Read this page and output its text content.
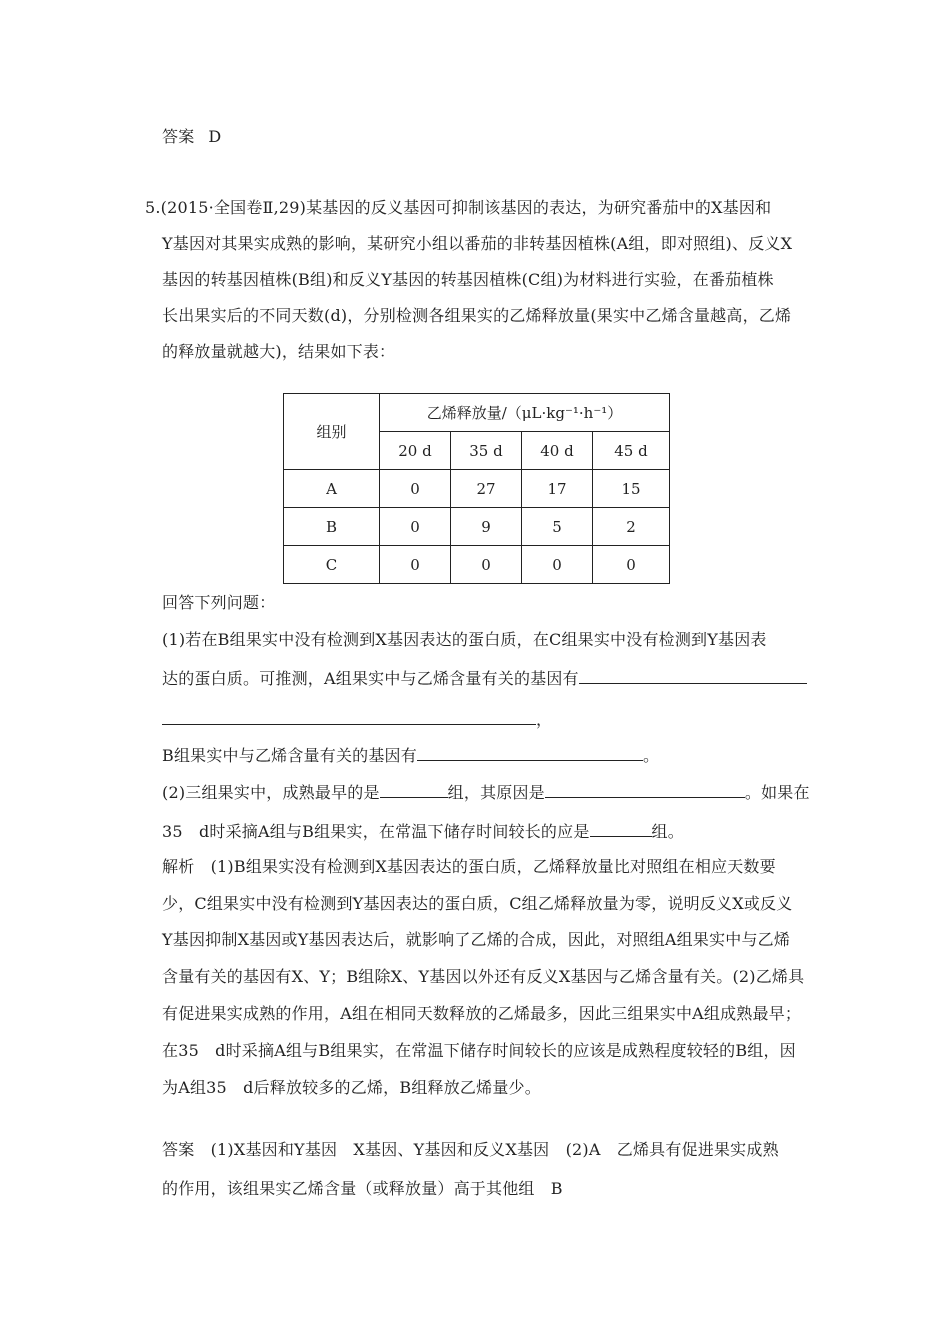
答案 D
5.(2015·全国卷Ⅱ,29)某基因的反义基因可抑制该基因的表达，为研究番茄中的X基因和
Y基因对其果实成熟的影响，某研究小组以番茄的非转基因植株(A组，即对照组)、反义X
基因的转基因植株(B组)和反义Y基因的转基因植株(C组)为材料进行实验，在番茄植株
长出果实后的不同天数(d)，分别检测各组果实的乙烯释放量(果实中乙烯含量越高，乙烯
的释放量就越大)，结果如下表：
组别	乙烯释放量/（μL·kg⁻¹·h⁻¹）			
	20 d	35 d	40 d	45 d
A	0	27	17	15
B	0	9	5	2
C	0	0	0	0
回答下列问题：
(1)若在B组果实中没有检测到X基因表达的蛋白质，在C组果实中没有检测到Y基因表
达的蛋白质。可推测，A组果实中与乙烯含量有关的基因有
，
B组果实中与乙烯含量有关的基因有	。
(2)三组果实中，成熟最早的是	组，其原因是	。如果在
35　d时采摘A组与B组果实，在常温下储存时间较长的应是	组。
解析　(1)B组果实没有检测到X基因表达的蛋白质，乙烯释放量比对照组在相应天数要
少，C组果实中没有检测到Y基因表达的蛋白质，C组乙烯释放量为零，说明反义X或反义
Y基因抑制X基因或Y基因表达后，就影响了乙烯的合成，因此，对照组A组果实中与乙烯
含量有关的基因有X、Y；B组除X、Y基因以外还有反义X基因与乙烯含量有关。(2)乙烯具
有促进果实成熟的作用，A组在相同天数释放的乙烯最多，因此三组果实中A组成熟最早；
在35　d时采摘A组与B组果实，在常温下储存时间较长的应该是成熟程度较轻的B组，因
为A组35　d后释放较多的乙烯，B组释放乙烯量少。
答案　(1)X基因和Y基因　X基因、Y基因和反义X基因　(2)A　乙烯具有促进果实成熟
的作用，该组果实乙烯含量（或释放量）高于其他组　B
